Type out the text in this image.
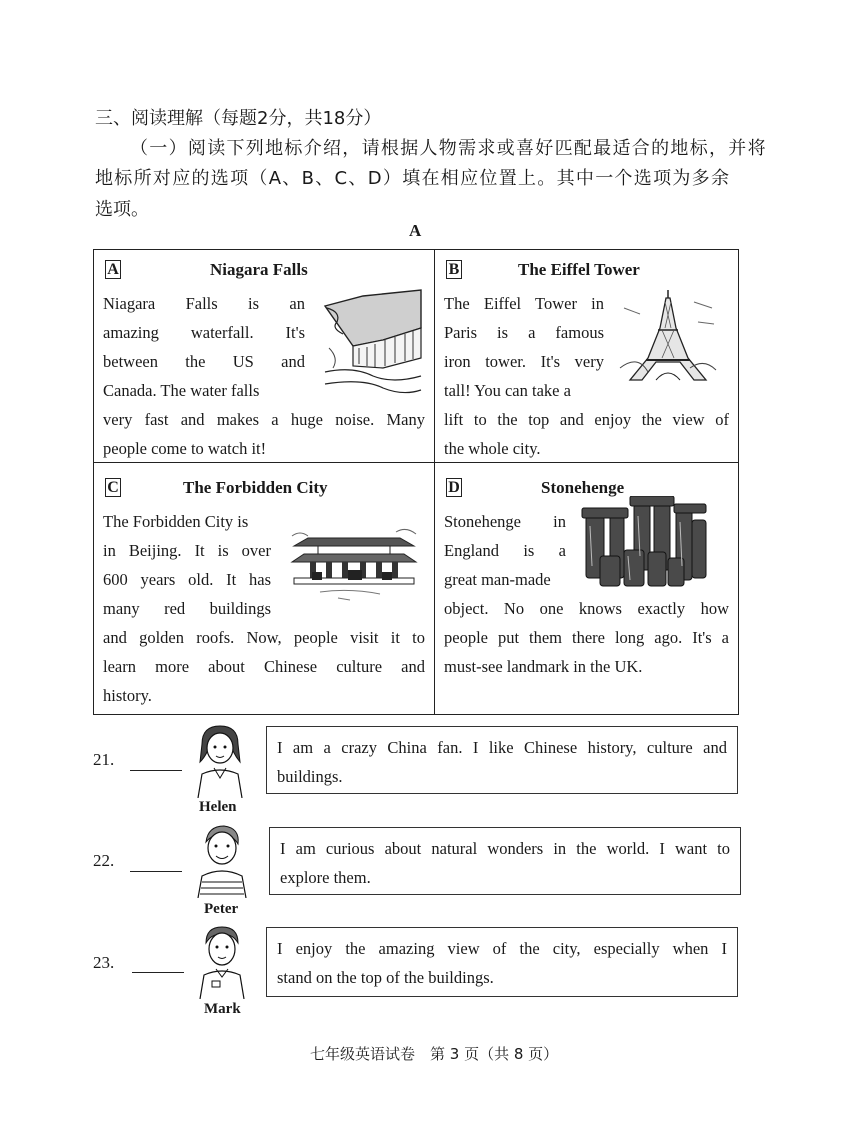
三、阅读理解（每题2分，共18分）
（一）阅读下列地标介绍，请根据人物需求或喜好匹配最适合的地标，并将
地标所对应的选项（A、B、C、D）填在相应位置上。其中一个选项为多余
选项。
A
A	Niagara Falls
Niagara Falls is an
amazing waterfall. It's
between the US and
Canada. The water falls
very fast and makes a huge noise. Many
people come to watch it!
B	The Eiffel Tower
The Eiffel Tower in
Paris is a famous
iron tower. It's very
tall! You can take a
lift to the top and enjoy the view of
the whole city.
C	The Forbidden City
The Forbidden City is
in Beijing. It is over
600 years old. It has
many red buildings
and golden roofs. Now, people visit it to
learn more about Chinese culture and
history.
D	Stonehenge
Stonehenge in
England is a
great man-made
object. No one knows exactly how
people put them there long ago. It's a
must-see landmark in the UK.
21.
Helen
I am a crazy China fan. I like Chinese history, culture and
buildings.
22.
Peter
I am curious about natural wonders in the world. I want to
explore them.
23.
Mark
I enjoy the amazing view of the city, especially when I
stand on the top of the buildings.
七年级英语试卷　第 3 页（共 8 页）
